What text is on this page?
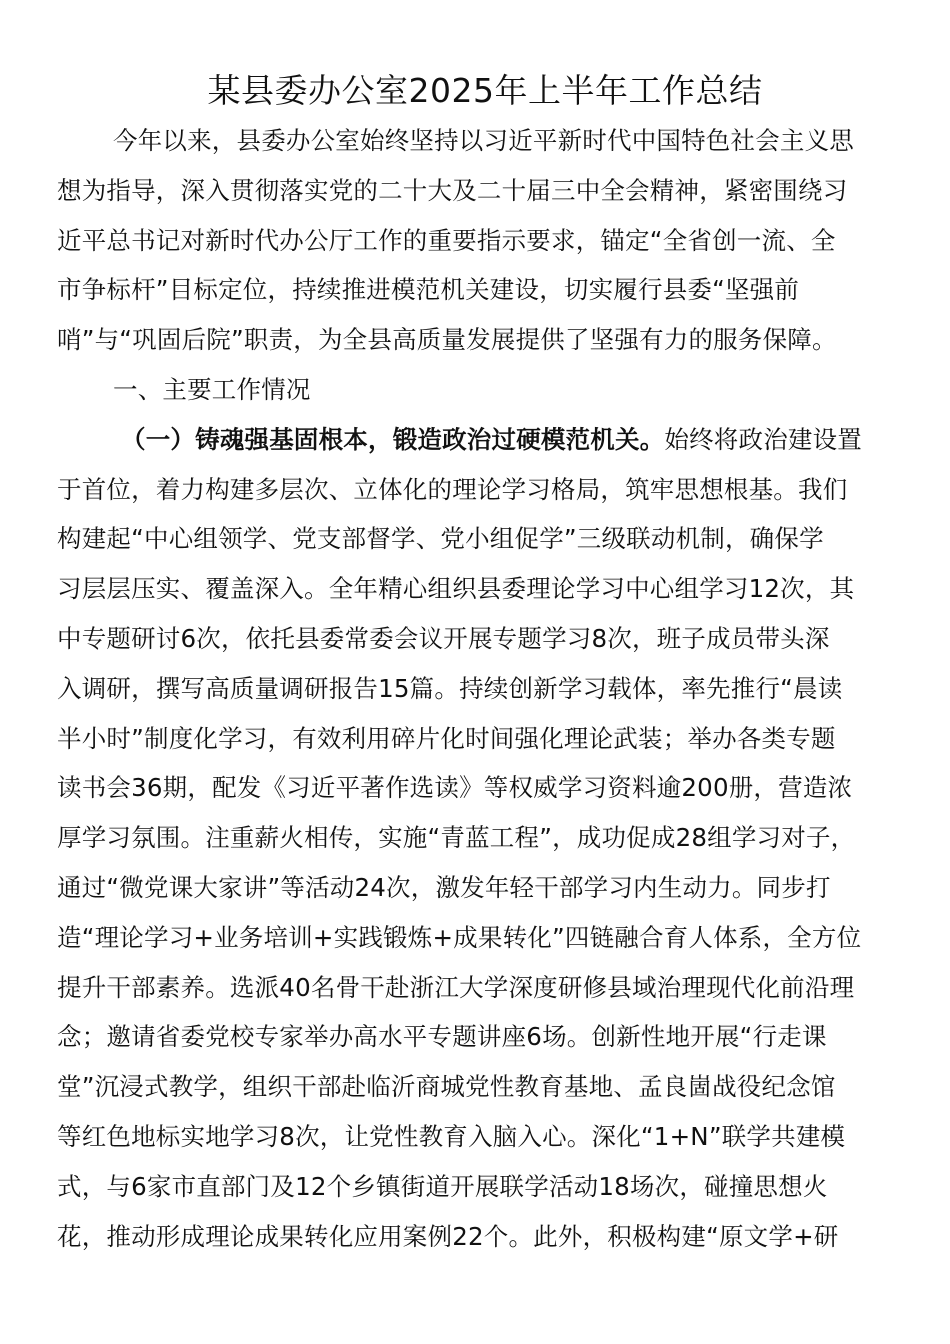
某县委办公室2025年上半年工作总结
今年以来，县委办公室始终坚持以习近平新时代中国特色社会主义思
想为指导，深入贯彻落实党的二十大及二十届三中全会精神，紧密围绕习
近平总书记对新时代办公厅工作的重要指示要求，锚定“全省创一流、全
市争标杆”目标定位，持续推进模范机关建设，切实履行县委“坚强前
哨”与“巩固后院”职责，为全县高质量发展提供了坚强有力的服务保障。
一、主要工作情况
（一）铸魂强基固根本，锻造政治过硬模范机关。始终将政治建设置
于首位，着力构建多层次、立体化的理论学习格局，筑牢思想根基。我们
构建起“中心组领学、党支部督学、党小组促学”三级联动机制，确保学
习层层压实、覆盖深入。全年精心组织县委理论学习中心组学习12次，其
中专题研讨6次，依托县委常委会议开展专题学习8次，班子成员带头深
入调研，撰写高质量调研报告15篇。持续创新学习载体，率先推行“晨读
半小时”制度化学习，有效利用碎片化时间强化理论武装；举办各类专题
读书会36期，配发《习近平著作选读》等权威学习资料逾200册，营造浓
厚学习氛围。注重薪火相传，实施“青蓝工程”，成功促成28组学习对子，
通过“微党课大家讲”等活动24次，激发年轻干部学习内生动力。同步打
造“理论学习+业务培训+实践锻炼+成果转化”四链融合育人体系，全方位
提升干部素养。选派40名骨干赴浙江大学深度研修县域治理现代化前沿理
念；邀请省委党校专家举办高水平专题讲座6场。创新性地开展“行走课
堂”沉浸式教学，组织干部赴临沂商城党性教育基地、孟良崮战役纪念馆
等红色地标实地学习8次，让党性教育入脑入心。深化“1+N”联学共建模
式，与6家市直部门及12个乡镇街道开展联学活动18场次，碰撞思想火
花，推动形成理论成果转化应用案例22个。此外，积极构建“原文学+研
